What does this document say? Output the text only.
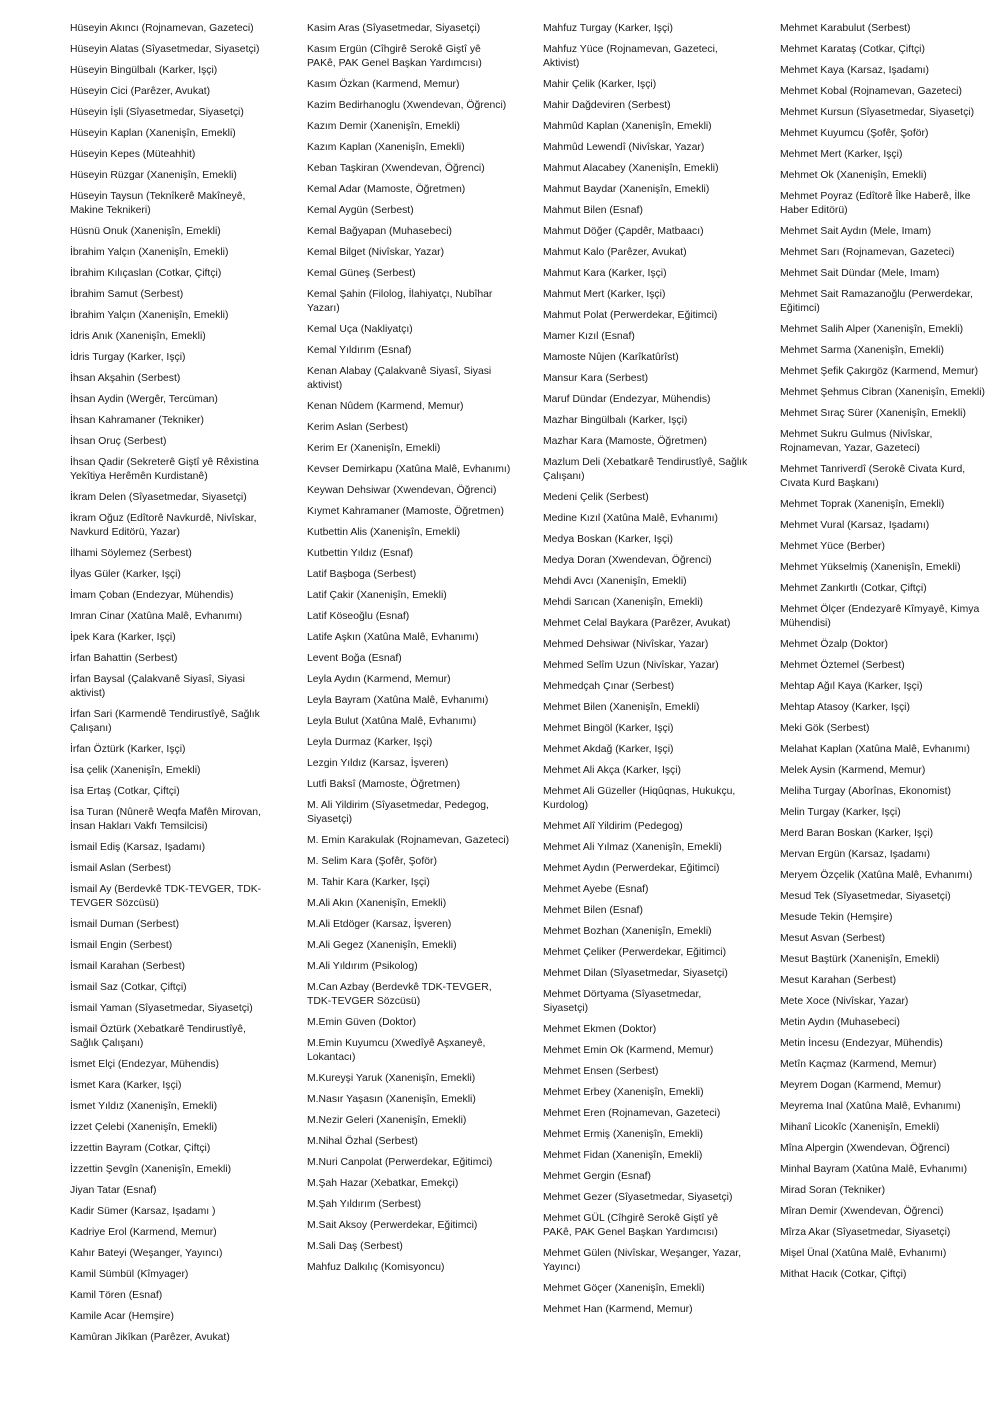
Hüseyin Akıncı (Rojnamevan, Gazeteci)
Hüseyin Alatas (Sîyasetmedar, Siyasetçi)
Hüseyin Bingülbalı (Karker, Işçi)
Hüseyin Cici (Parêzer, Avukat)
Hüseyin İşli (Sîyasetmedar, Siyasetçi)
Hüseyin Kaplan (Xanenişîn, Emekli)
Hüseyin Kepes (Müteahhit)
Hüseyin Rüzgar (Xanenişîn, Emekli)
Hüseyin Taysun (Teknîkerê Makîneyê, Makine Teknikeri)
Hüsnü Onuk (Xanenişîn, Emekli)
İbrahim Yalçın (Xanenişîn, Emekli)
İbrahim Kılıçaslan (Cotkar, Çiftçi)
İbrahim Samut (Serbest)
İbrahim Yalçın (Xanenişîn, Emekli)
İdris Anık (Xanenişîn, Emekli)
İdris Turgay (Karker, Işçi)
İhsan Akşahin (Serbest)
İhsan Aydin (Wergêr, Tercüman)
İhsan Kahramaner (Tekniker)
İhsan Oruç (Serbest)
İhsan Qadir (Sekreterê Giştî yê Rêxistina Yekîtiya Herêmên Kurdistanê)
İkram Delen (Sîyasetmedar, Siyasetçi)
İkram Oğuz (Edîtorê Navkurdê, Nivîskar, Navkurd Editörü, Yazar)
İlhami Söylemez (Serbest)
İlyas Güler (Karker, Işçi)
İmam Çoban (Endezyar, Mühendis)
Imran Cinar (Xatûna Malê, Evhanımı)
İpek Kara (Karker, Işçi)
İrfan Bahattin (Serbest)
İrfan Baysal (Çalakvanê Siyasî, Siyasi aktivist)
İrfan Sari (Karmendê Tendirustîyê, Sağlık Çalışanı)
İrfan Öztürk (Karker, Işçi)
İsa çelik (Xanenişîn, Emekli)
İsa Ertaş (Cotkar, Çiftçi)
İsa Turan (Nûnerê Weqfa Mafên Mirovan, İnsan Hakları Vakfı Temsilcisi)
İsmail Ediş (Karsaz, Işadamı)
İsmail Aslan (Serbest)
İsmail Ay (Berdevkê TDK-TEVGER, TDK-TEVGER Sözcüsü)
İsmail Duman (Serbest)
İsmail Engin (Serbest)
İsmail Karahan (Serbest)
İsmail Saz (Cotkar, Çiftçi)
İsmail Yaman (Sîyasetmedar, Siyasetçi)
İsmail Öztürk (Xebatkarê Tendirustîyê, Sağlık Çalışanı)
İsmet Elçi (Endezyar, Mühendis)
İsmet Kara (Karker, Işçi)
İsmet Yıldız (Xanenişîn, Emekli)
İzzet Çelebi (Xanenişîn, Emekli)
İzzettin Bayram (Cotkar, Çiftçi)
İzzettin Şevgîn (Xanenişîn, Emekli)
Jiyan Tatar (Esnaf)
Kadir Sümer (Karsaz, Işadamı )
Kadriye Erol (Karmend, Memur)
Kahır Bateyi (Weşanger, Yayıncı)
Kamil Sümbül (Kîmyager)
Kamil Tören (Esnaf)
Kamile Acar (Hemşire)
Kamûran Jikîkan (Parêzer, Avukat)
Kasim Aras (Sîyasetmedar, Siyasetçi)
Kasım Ergün (Cîhgirê Serokê Giştî yê PAKê, PAK Genel Başkan Yardımcısı)
Kasım Özkan (Karmend, Memur)
Kazim Bedirhanoglu (Xwendevan, Öğrenci)
Kazım Demir (Xanenişîn, Emekli)
Kazım Kaplan (Xanenişîn, Emekli)
Keban Taşkiran (Xwendevan, Öğrenci)
Kemal Adar (Mamoste, Öğretmen)
Kemal Aygün (Serbest)
Kemal Bağyapan (Muhasebeci)
Kemal Bilget (Nivîskar, Yazar)
Kemal Güneş (Serbest)
Kemal Şahin (Filolog, İlahiyatçı, Nubîhar Yazarı)
Kemal Uça (Nakliyatçı)
Kemal Yıldırım (Esnaf)
Kenan Alabay (Çalakvanê Siyasî, Siyasi aktivist)
Kenan Nûdem (Karmend, Memur)
Kerim Aslan (Serbest)
Kerim Er (Xanenişîn, Emekli)
Kevser Demirkapu (Xatûna Malê, Evhanımı)
Keywan Dehsiwar (Xwendevan, Öğrenci)
Kıymet Kahramaner (Mamoste, Öğretmen)
Kutbettin Alis (Xanenişîn, Emekli)
Kutbettin Yıldız (Esnaf)
Latif Başboga (Serbest)
Latif Çakir (Xanenişîn, Emekli)
Latif Köseoğlu (Esnaf)
Latife Aşkın (Xatûna Malê, Evhanımı)
Levent Boğa (Esnaf)
Leyla Aydın (Karmend, Memur)
Leyla Bayram (Xatûna Malê, Evhanımı)
Leyla Bulut (Xatûna Malê, Evhanımı)
Leyla Durmaz (Karker, Işçi)
Lezgin Yıldız (Karsaz, İşveren)
Lutfi Baksî (Mamoste, Öğretmen)
M. Ali Yildirim (Sîyasetmedar, Pedegog, Siyasetçi)
M. Emin Karakulak (Rojnamevan, Gazeteci)
M. Selim Kara (Şofêr, Şoför)
M. Tahir Kara (Karker, Işçi)
M.Ali Akın (Xanenişîn, Emekli)
M.Ali Etdöger (Karsaz, İşveren)
M.Ali Gegez (Xanenişîn, Emekli)
M.Ali Yıldırım (Psikolog)
M.Can Azbay (Berdevkê TDK-TEVGER, TDK-TEVGER Sözcüsü)
M.Emin Güven (Doktor)
M.Emin Kuyumcu (Xwedîyê Aşxaneyê, Lokantacı)
M.Kureyşi Yaruk (Xanenişîn, Emekli)
M.Nasır Yaşasın (Xanenişîn, Emekli)
M.Nezir Geleri (Xanenişîn, Emekli)
M.Nihal Özhal (Serbest)
M.Nuri Canpolat (Perwerdekar, Eğitimci)
M.Şah Hazar (Xebatkar, Emekçi)
M.Şah Yıldırım (Serbest)
M.Sait Aksoy (Perwerdekar, Eğitimci)
M.Sali Daş (Serbest)
Mahfuz Dalkılıç (Komisyoncu)
Mahfuz Turgay (Karker, Işçi)
Mahfuz Yüce (Rojnamevan, Gazeteci, Aktivist)
Mahir Çelik (Karker, Işçi)
Mahir Dağdeviren (Serbest)
Mahmûd Kaplan (Xanenişîn, Emekli)
Mahmûd Lewendî (Nivîskar, Yazar)
Mahmut Alacabey (Xanenişîn, Emekli)
Mahmut Baydar (Xanenişîn, Emekli)
Mahmut Bilen (Esnaf)
Mahmut Döğer (Çapdêr, Matbaacı)
Mahmut Kalo (Parêzer, Avukat)
Mahmut Kara (Karker, Işçi)
Mahmut Mert (Karker, Işçi)
Mahmut Polat (Perwerdekar, Eğitimci)
Mamer Kızıl (Esnaf)
Mamoste Nûjen (Karîkatûrîst)
Mansur Kara (Serbest)
Maruf Dündar (Endezyar, Mühendis)
Mazhar Bingülbalı (Karker, Işçi)
Mazhar Kara (Mamoste, Öğretmen)
Mazlum Deli (Xebatkarê Tendirustîyê, Sağlık Çalışanı)
Medeni Çelik (Serbest)
Medine Kızıl (Xatûna Malê, Evhanımı)
Medya Boskan (Karker, Işçi)
Medya Doran (Xwendevan, Öğrenci)
Mehdi Avcı (Xanenişîn, Emekli)
Mehdi Sarıcan (Xanenişîn, Emekli)
Mehmet Celal Baykara (Parêzer, Avukat)
Mehmed Dehsiwar (Nivîskar, Yazar)
Mehmed Selîm Uzun (Nivîskar, Yazar)
Mehmedçah Çınar (Serbest)
Mehmet Bilen (Xanenişîn, Emekli)
Mehmet Bingöl (Karker, Işçi)
Mehmet Akdağ (Karker, Işçi)
Mehmet Ali Akça (Karker, Işçi)
Mehmet Ali Güzeller (Hiqûqnas, Hukukçu, Kurdolog)
Mehmet Alî Yildirim (Pedegog)
Mehmet Ali Yılmaz (Xanenişîn, Emekli)
Mehmet Aydın (Perwerdekar, Eğitimci)
Mehmet Ayebe (Esnaf)
Mehmet Bilen (Esnaf)
Mehmet Bozhan (Xanenişîn, Emekli)
Mehmet Çeliker (Perwerdekar, Eğitimci)
Mehmet Dilan (Sîyasetmedar, Siyasetçi)
Mehmet Dörtyama (Sîyasetmedar, Siyasetçi)
Mehmet Ekmen (Doktor)
Mehmet Emin Ok (Karmend, Memur)
Mehmet Ensen (Serbest)
Mehmet Erbey (Xanenişîn, Emekli)
Mehmet Eren (Rojnamevan, Gazeteci)
Mehmet Ermiş (Xanenişîn, Emekli)
Mehmet Fidan (Xanenişîn, Emekli)
Mehmet Gergin (Esnaf)
Mehmet Gezer (Sîyasetmedar, Siyasetçi)
Mehmet GÜL (Cîhgirê Serokê Giştî yê PAKê, PAK Genel Başkan Yardımcısı)
Mehmet Gülen (Nivîskar, Weşanger, Yazar, Yayıncı)
Mehmet Göçer (Xanenişîn, Emekli)
Mehmet Han (Karmend, Memur)
Mehmet Karabulut (Serbest)
Mehmet Karataş (Cotkar, Çiftçi)
Mehmet Kaya (Karsaz, Işadamı)
Mehmet Kobal (Rojnamevan, Gazeteci)
Mehmet Kursun (Sîyasetmedar, Siyasetçi)
Mehmet Kuyumcu (Şofêr, Şoför)
Mehmet Mert (Karker, Işçi)
Mehmet Ok (Xanenişîn, Emekli)
Mehmet Poyraz (Edîtorê Îlke Haberê, İlke Haber Editörü)
Mehmet Sait Aydın (Mele, Imam)
Mehmet Sarı (Rojnamevan, Gazeteci)
Mehmet Sait Dündar (Mele, Imam)
Mehmet Sait Ramazanoğlu (Perwerdekar, Eğitimci)
Mehmet Salih Alper (Xanenişîn, Emekli)
Mehmet Sarma (Xanenişîn, Emekli)
Mehmet Şefik Çakırgöz (Karmend, Memur)
Mehmet Şehmus Cibran (Xanenişîn, Emekli)
Mehmet Sıraç Sürer (Xanenişîn, Emekli)
Mehmet Sukru Gulmus (Nivîskar, Rojnamevan, Yazar, Gazeteci)
Mehmet Tanriverdî (Serokê Civata Kurd, Cıvata Kurd Başkanı)
Mehmet Toprak (Xanenişîn, Emekli)
Mehmet Vural (Karsaz, Işadamı)
Mehmet Yüce (Berber)
Mehmet Yükselmiş (Xanenişîn, Emekli)
Mehmet Zankırtlı (Cotkar, Çiftçi)
Mehmet Ölçer (Endezyarê Kîmyayê, Kimya Mühendisi)
Mehmet Özalp (Doktor)
Mehmet Öztemel (Serbest)
Mehtap Ağıl Kaya (Karker, Işçi)
Mehtap Atasoy (Karker, Işçi)
Meki Gök (Serbest)
Melahat Kaplan (Xatûna Malê, Evhanımı)
Melek Aysin (Karmend, Memur)
Meliha Turgay (Aborînas, Ekonomist)
Melin Turgay (Karker, Işçi)
Merd Baran Boskan (Karker, Işçi)
Mervan Ergün (Karsaz, Işadamı)
Meryem Özçelik (Xatûna Malê, Evhanımı)
Mesud Tek (Sîyasetmedar, Siyasetçi)
Mesude Tekin (Hemşire)
Mesut Asvan (Serbest)
Mesut Baştürk (Xanenişîn, Emekli)
Mesut Karahan (Serbest)
Mete Xoce (Nivîskar, Yazar)
Metin Aydın (Muhasebeci)
Metin İncesu (Endezyar, Mühendis)
Metîn Kaçmaz (Karmend, Memur)
Meyrem Dogan (Karmend, Memur)
Meyrema Inal (Xatûna Malê, Evhanımı)
Mihanî Licokîc (Xanenişîn, Emekli)
Mîna Alpergin (Xwendevan, Öğrenci)
Minhal Bayram (Xatûna Malê, Evhanımı)
Mirad Soran (Tekniker)
Mîran Demir (Xwendevan, Öğrenci)
Mîrza Akar (Sîyasetmedar, Siyasetçi)
Mişel Ünal (Xatûna Malê, Evhanımı)
Mithat Hacık (Cotkar, Çiftçi)
